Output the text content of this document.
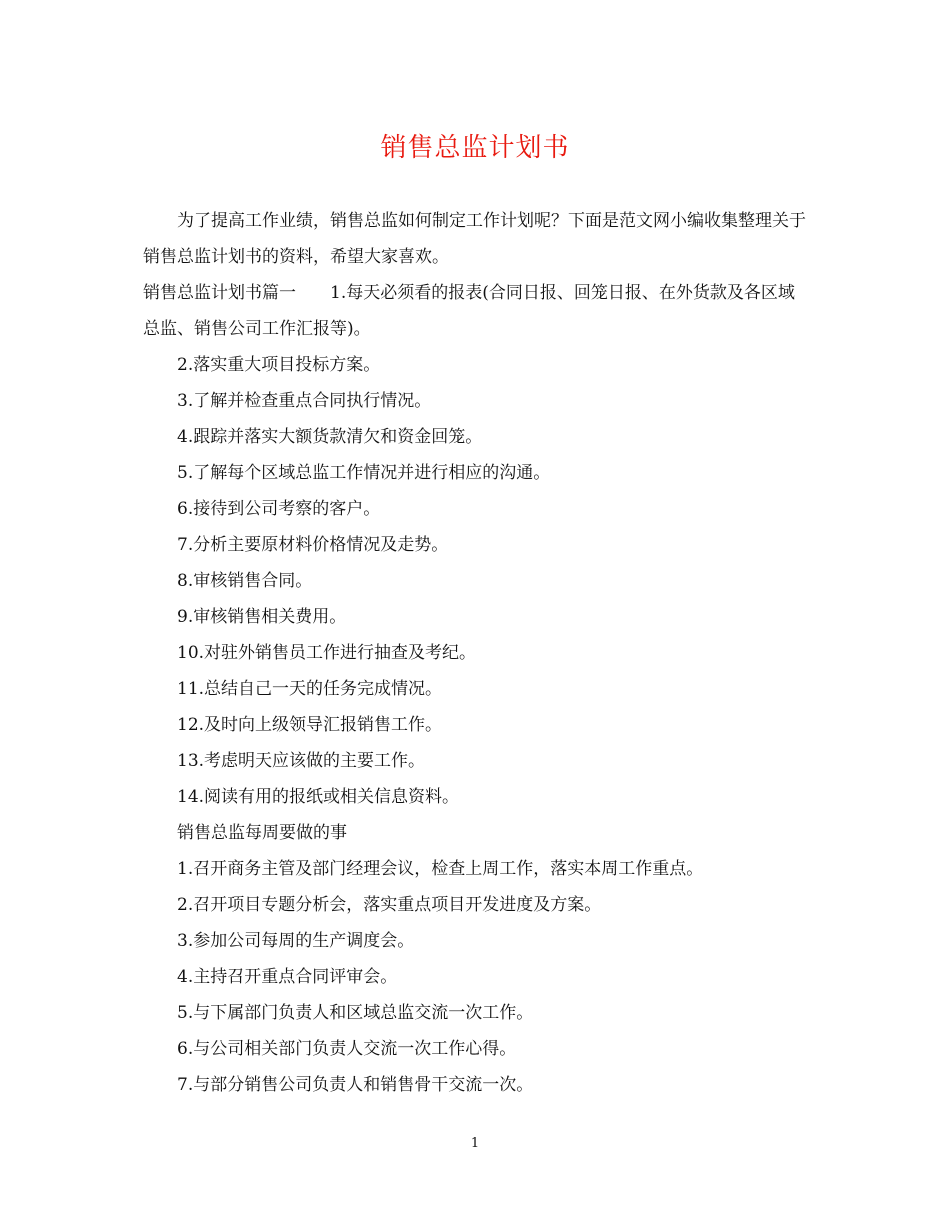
销售总监计划书

为了提高工作业绩，销售总监如何制定工作计划呢？下面是范文网小编收集整理关于销售总监计划书的资料，希望大家喜欢。

销售总监计划书篇一 1.每天必须看的报表(合同日报、回笼日报、在外货款及各区域总监、销售公司工作汇报等)。

2.落实重大项目投标方案。

3.了解并检查重点合同执行情况。

4.跟踪并落实大额货款清欠和资金回笼。

5.了解每个区域总监工作情况并进行相应的沟通。

6.接待到公司考察的客户。

7.分析主要原材料价格情况及走势。

8.审核销售合同。

9.审核销售相关费用。

10.对驻外销售员工作进行抽查及考纪。

11.总结自己一天的任务完成情况。

12.及时向上级领导汇报销售工作。

13.考虑明天应该做的主要工作。

14.阅读有用的报纸或相关信息资料。

销售总监每周要做的事

1.召开商务主管及部门经理会议，检查上周工作，落实本周工作重点。

2.召开项目专题分析会，落实重点项目开发进度及方案。

3.参加公司每周的生产调度会。

4.主持召开重点合同评审会。

5.与下属部门负责人和区域总监交流一次工作。

6.与公司相关部门负责人交流一次工作心得。

7.与部分销售公司负责人和销售骨干交流一次。

1
